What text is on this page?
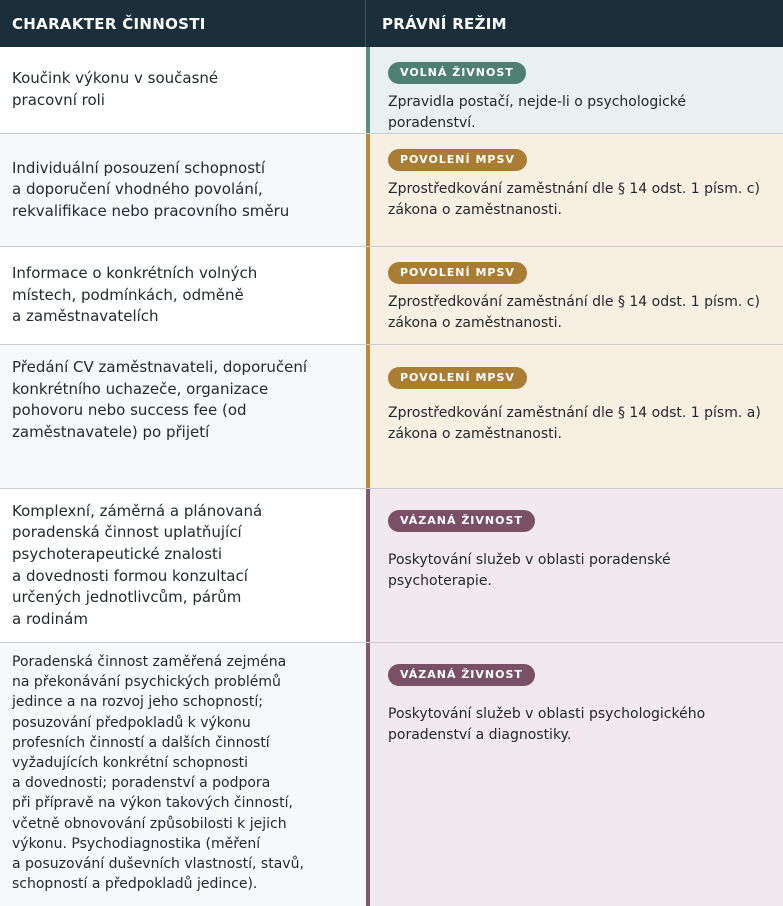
CHARAKTER ČINNOSTI	PRÁVNÍ REŽIM
Koučink výkonu v současné
pracovní roli
VOLNÁ ŽIVNOST
Zpravidla postačí, nejde-li o psychologické poradenství.
Individuální posouzení schopností
a doporučení vhodného povolání,
rekvalifikace nebo pracovního směru
POVOLENÍ MPSV
Zprostředkování zaměstnání dle § 14 odst. 1 písm. c)
zákona o zaměstnanosti.
Informace o konkrétních volných
místech, podmínkách, odměně
a zaměstnavatelích
POVOLENÍ MPSV
Zprostředkování zaměstnání dle § 14 odst. 1 písm. c)
zákona o zaměstnanosti.
Předání CV zaměstnavateli, doporučení
konkrétního uchazeče, organizace
pohovoru nebo success fee (od
zaměstnavatele) po přijetí
POVOLENÍ MPSV
Zprostředkování zaměstnání dle § 14 odst. 1 písm. a)
zákona o zaměstnanosti.
Komplexní, záměrná a plánovaná
poradenská činnost uplatňující
psychoterapeutické znalosti
a dovednosti formou konzultací
určených jednotlivcům, párům
a rodinám
VÁZANÁ ŽIVNOST
Poskytování služeb v oblasti poradenské psychoterapie.
Poradenská činnost zaměřená zejména
na překonávání psychických problémů
jedince a na rozvoj jeho schopností;
posuzování předpokladů k výkonu
profesních činností a dalších činností
vyžadujících konkrétní schopnosti
a dovednosti; poradenství a podpora
při přípravě na výkon takových činností,
včetně obnovování způsobilosti k jejich
výkonu. Psychodiagnostika (měření
a posuzování duševních vlastností, stavů,
schopností a předpokladů jedince).
VÁZANÁ ŽIVNOST
Poskytování služeb v oblasti psychologického
poradenství a diagnostiky.
